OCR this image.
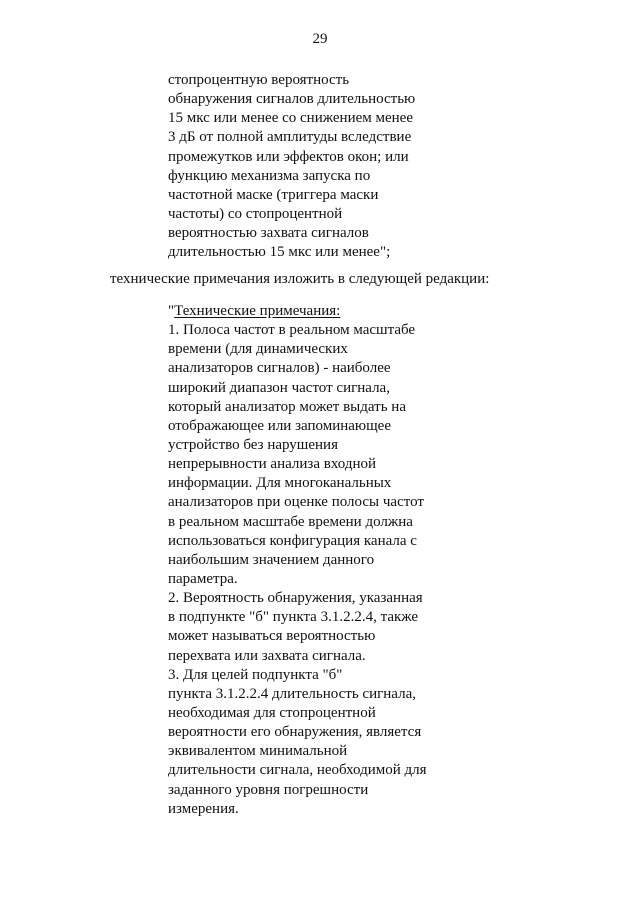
29
стопроцентную вероятность
обнаружения сигналов длительностью
15 мкс или менее со снижением менее
3 дБ от полной амплитуды вследствие
промежутков или эффектов окон; или
функцию механизма запуска по
частотной маске (триггера маски
частоты) со стопроцентной
вероятностью захвата сигналов
длительностью 15 мкс или менее";
технические примечания изложить в следующей редакции:
"Технические примечания:
1. Полоса частот в реальном масштабе
времени (для динамических
анализаторов сигналов) - наиболее
широкий диапазон частот сигнала,
который анализатор может выдать на
отображающее или запоминающее
устройство без нарушения
непрерывности анализа входной
информации. Для многоканальных
анализаторов при оценке полосы частот
в реальном масштабе времени должна
использоваться конфигурация канала с
наибольшим значением данного
параметра.
2. Вероятность обнаружения, указанная
в подпункте "б" пункта 3.1.2.2.4, также
может называться вероятностью
перехвата или захвата сигнала.
3. Для целей подпункта "б"
пункта 3.1.2.2.4 длительность сигнала,
необходимая для стопроцентной
вероятности его обнаружения, является
эквивалентом минимальной
длительности сигнала, необходимой для
заданного уровня погрешности
измерения.
